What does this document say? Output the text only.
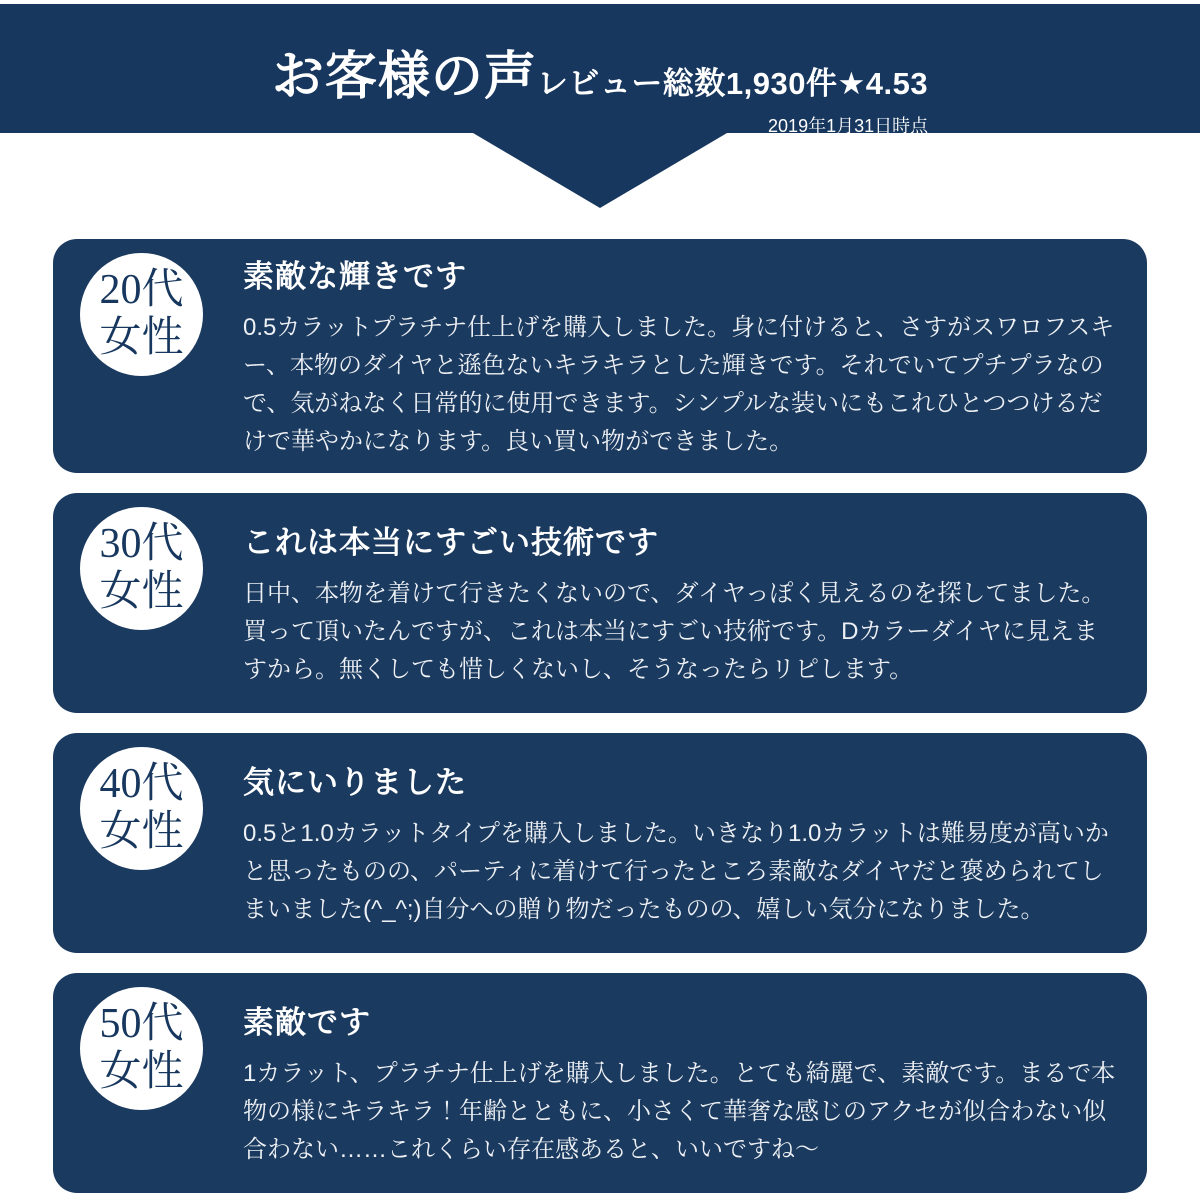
お客様の声 レビュー総数1,930件★4.53
2019年1月31日時点
20代
女性
素敵な輝きです

0.5カラットプラチナ仕上げを購入しました。身に付けると、さすがスワロフスキー、本物のダイヤと遜色ないキラキラとした輝きです。それでいてプチプラなので、気がねなく日常的に使用できます。シンプルな装いにもこれひとつつけるだけで華やかになります。良い買い物ができました。

30代
女性
これは本当にすごい技術です

日中、本物を着けて行きたくないので、ダイヤっぽく見えるのを探してました。買って頂いたんですが、これは本当にすごい技術です。Dカラーダイヤに見えますから。無くしても惜しくないし、そうなったらリピします。

40代
女性
気にいりました

0.5と1.0カラットタイプを購入しました。いきなり1.0カラットは難易度が高いかと思ったものの、パーティに着けて行ったところ素敵なダイヤだと褒められてしまいました(^_^;)自分への贈り物だったものの、嬉しい気分になりました。

50代
女性
素敵です

1カラット、プラチナ仕上げを購入しました。とても綺麗で、素敵です。まるで本物の様にキラキラ！年齢とともに、小さくて華奢な感じのアクセが似合わない似合わない……これくらい存在感あると、いいですね～
